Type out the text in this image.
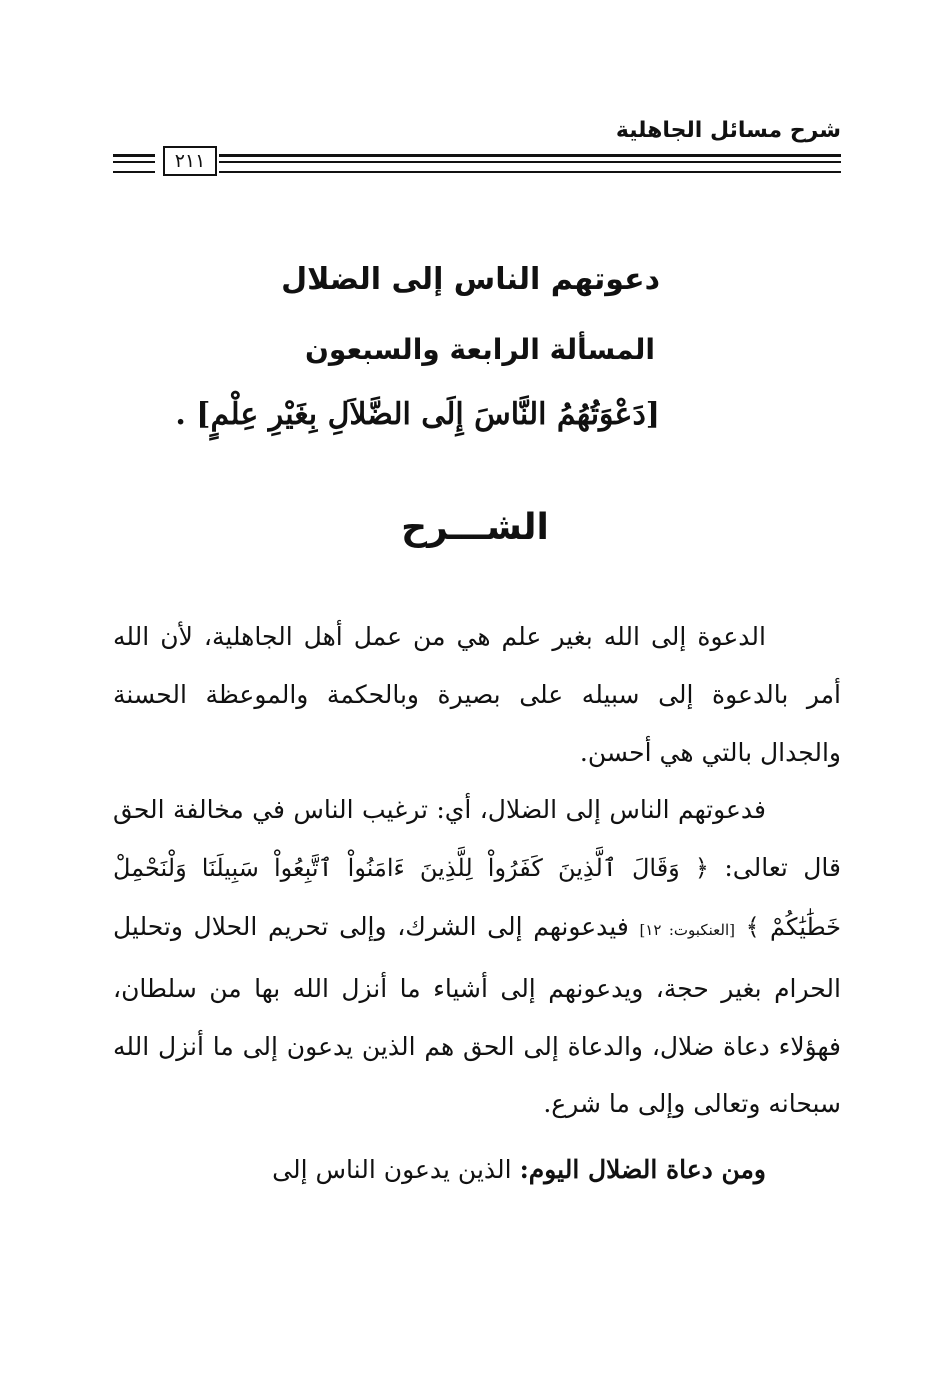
شرح مسائل الجاهلية
٢١١
دعوتهم الناس إلى الضلال
المسألة الرابعة والسبعون
[دَعْوَتُهُمُ النَّاسَ إِلَى الضَّلاَلِ بِغَيْرِ عِلْمٍ] .
الشـــرح

الدعوة إلى الله بغير علم هي من عمل أهل الجاهلية، لأن الله أمر بالدعوة إلى سبيله على بصيرة وبالحكمة والموعظة الحسنة والجدال بالتي هي أحسن.

فدعوتهم الناس إلى الضلال، أي: ترغيب الناس في مخالفة الحق قال تعالى: ﴿ وَقَالَ ٱلَّذِينَ كَفَرُواْ لِلَّذِينَ ءَامَنُواْ ٱتَّبِعُواْ سَبِيلَنَا وَلْنَحْمِلْ خَطَٰيَٰكُمْ ﴾ [العنكبوت: ١٢] فيدعونهم إلى الشرك، وإلى تحريم الحلال وتحليل الحرام بغير حجة، ويدعونهم إلى أشياء ما أنزل الله بها من سلطان، فهؤلاء دعاة ضلال، والدعاة إلى الحق هم الذين يدعون إلى ما أنزل الله سبحانه وتعالى وإلى ما شرع.

ومن دعاة الضلال اليوم: الذين يدعون الناس إلى
